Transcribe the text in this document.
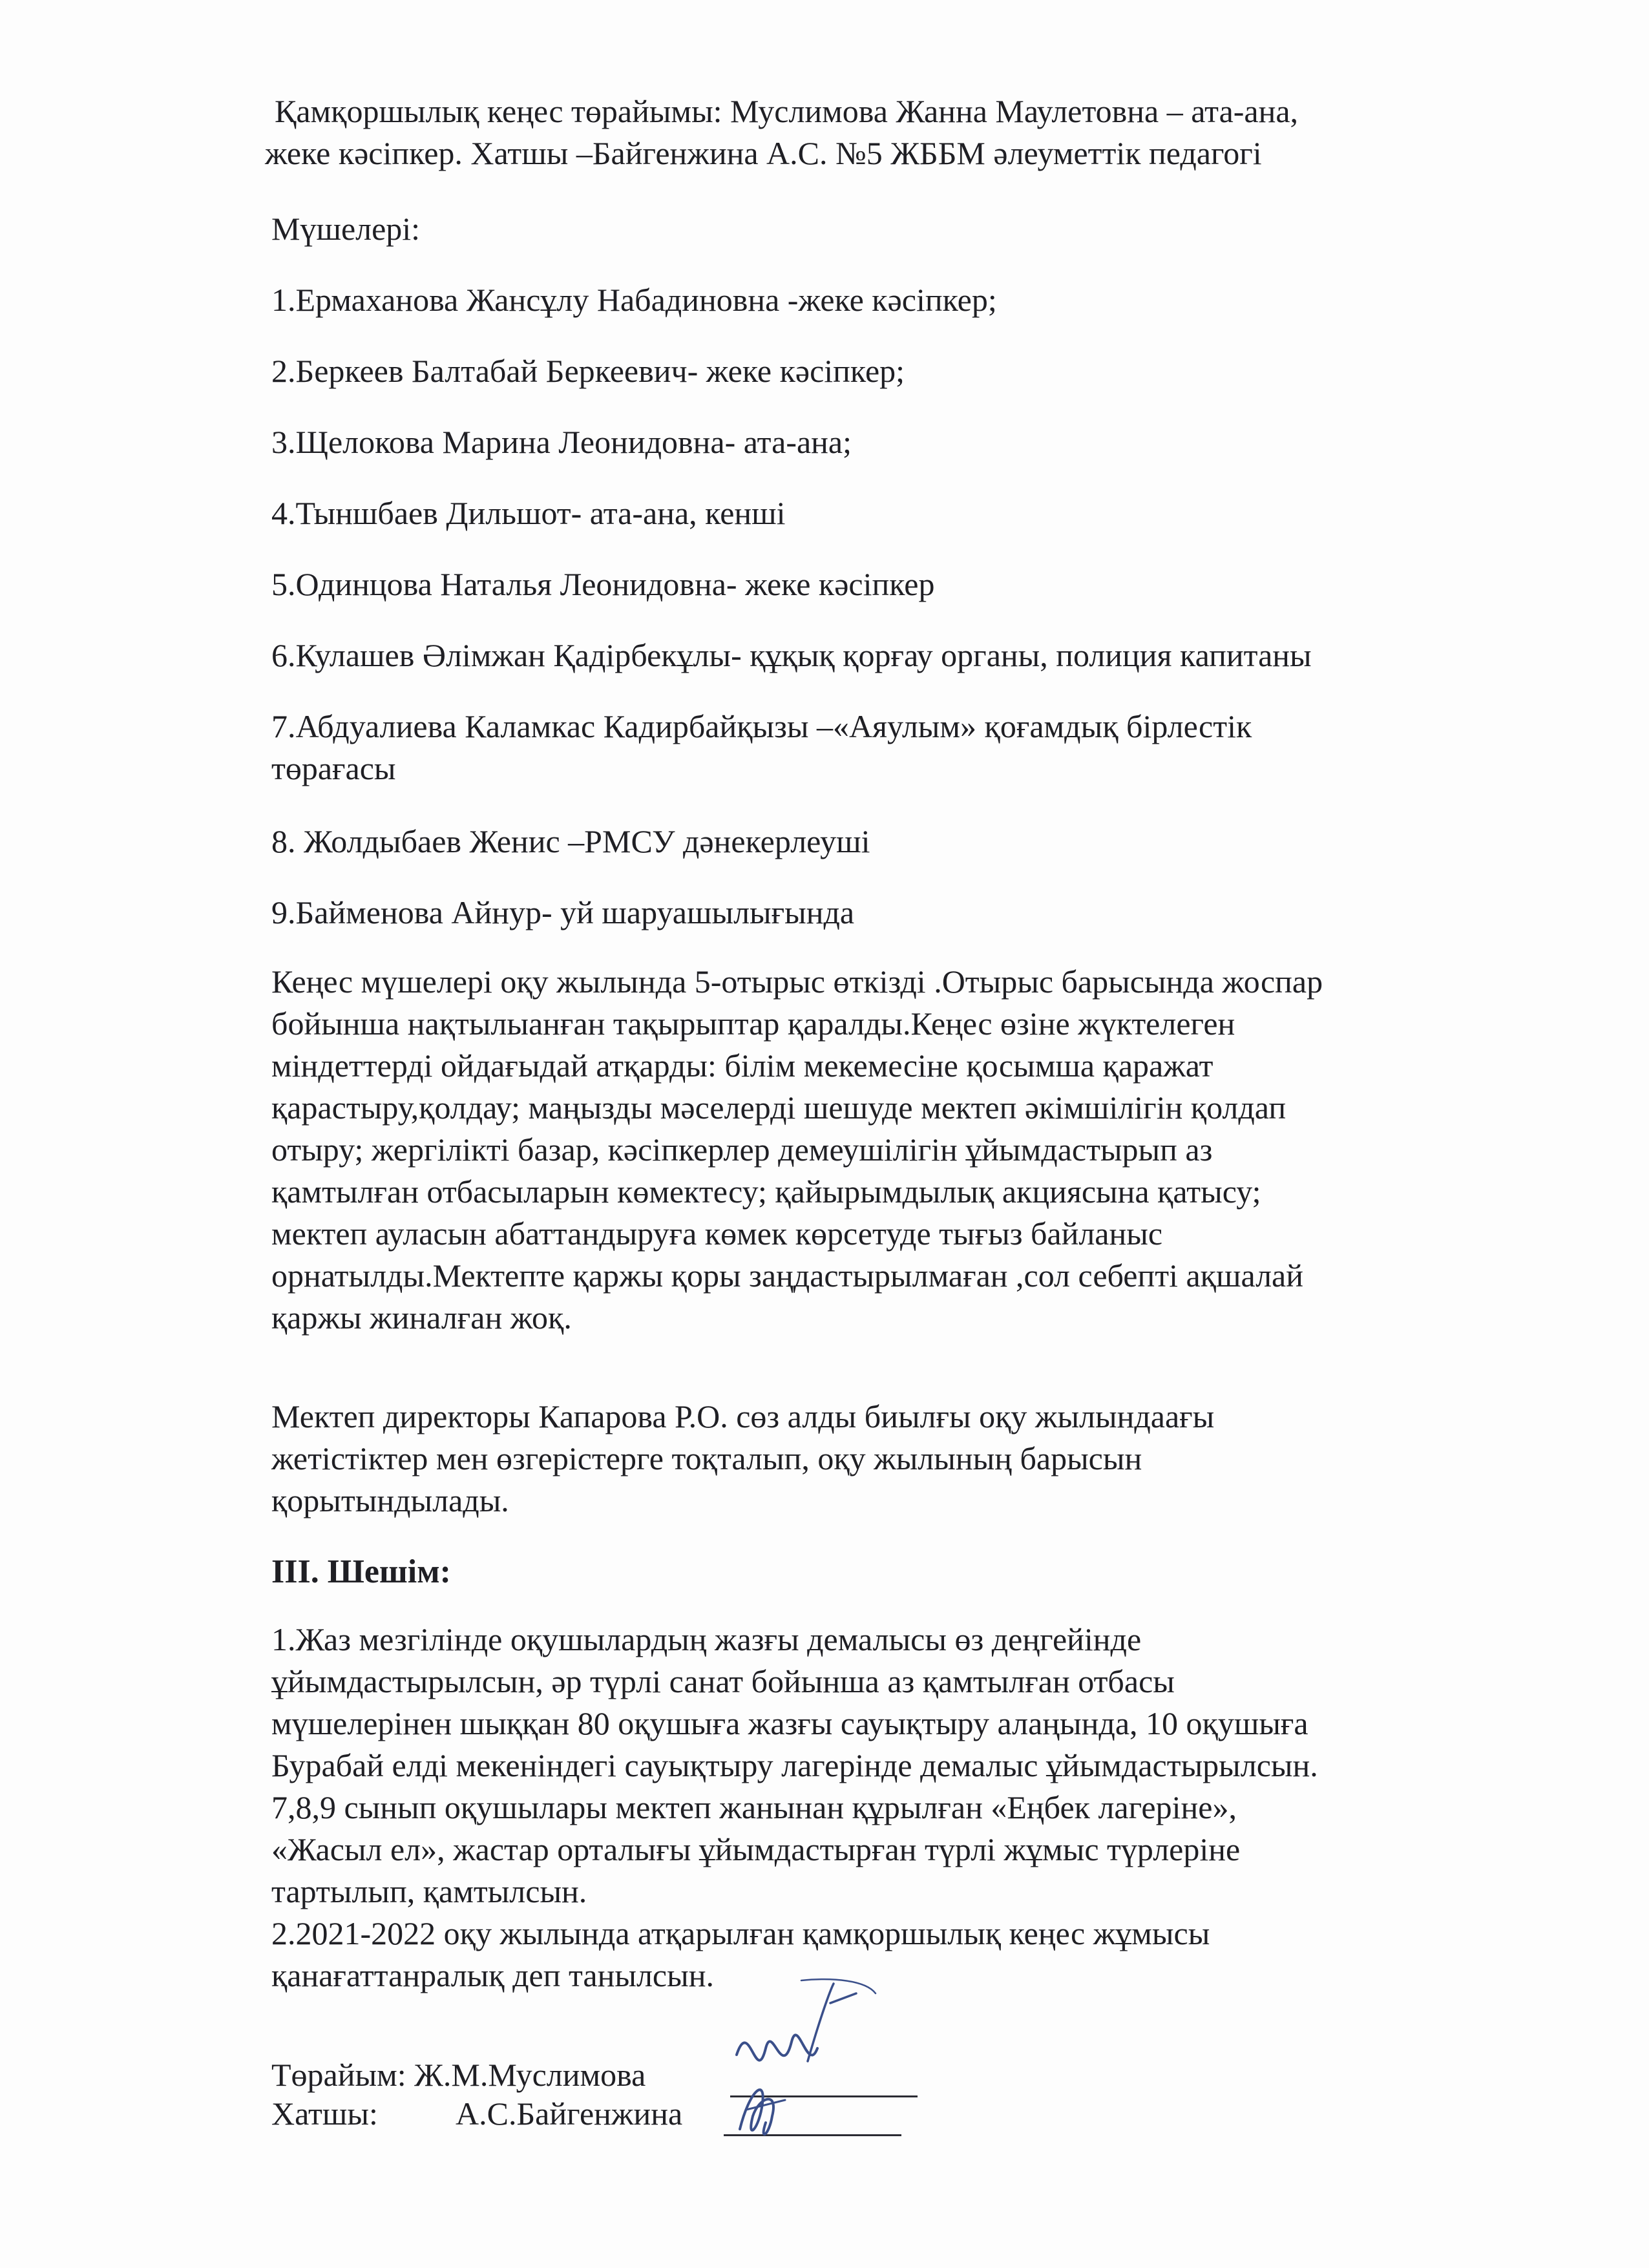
Қамқоршылық кеңес төрайымы: Муслимова Жанна Маулетовна – ата-ана,
жеке кәсіпкер. Хатшы –Байгенжина А.С. №5 ЖББМ әлеуметтік педагогі
Мүшелері:
1.Ермаханова Жансұлу Набадиновна -жеке кәсіпкер;
2.Беркеев Балтабай Беркеевич- жеке кәсіпкер;
3.Щелокова Марина Леонидовна- ата-ана;
4.Тыншбаев Дильшот- ата-ана, кенші
5.Одинцова Наталья Леонидовна- жеке кәсіпкер
6.Кулашев Әлімжан Қадірбекұлы- құқық қорғау органы, полиция капитаны
7.Абдуалиева Каламкас Кадирбайқызы –«Аяулым» қоғамдық бірлестік
төрағасы
8. Жолдыбаев Женис –РМСУ дәнекерлеуші
9.Байменова Айнур- уй шаруашылығында
Кеңес мүшелері оқу жылында 5-отырыс өткізді .Отырыс барысында жоспар
бойынша нақтылыанған тақырыптар қаралды.Кеңес өзіне жүктелеген
міндеттерді ойдағыдай атқарды: білім мекемесіне қосымша қаражат
қарастыру,қолдау; маңызды мәселерді шешуде мектеп әкімшілігін қолдап
отыру; жергілікті базар, кәсіпкерлер демеушілігін ұйымдастырып аз
қамтылған отбасыларын көмектесу; қайырымдылық акциясына қатысу;
мектеп ауласын абаттандыруға көмек көрсетуде тығыз байланыс
орнатылды.Мектепте қаржы қоры заңдастырылмаған ,сол себепті ақшалай
қаржы жиналған жоқ.
Мектеп директоры Капарова Р.О. сөз алды биылғы оқу жылындаағы
жетістіктер мен өзгерістерге тоқталып, оқу жылының барысын
қорытындылады.
ІІІ. Шешім:
1.Жаз мезгілінде оқушылардың жазғы демалысы өз деңгейінде
ұйымдастырылсын, әр түрлі санат бойынша аз қамтылған отбасы
мүшелерінен шыққан 80 оқушыға жазғы сауықтыру алаңында, 10 оқушыға
Бурабай елді мекеніндегі сауықтыру лагерінде демалыс ұйымдастырылсын.
7,8,9 сынып оқушылары мектеп жанынан құрылған «Еңбек лагеріне»,
«Жасыл ел», жастар орталығы ұйымдастырған түрлі жұмыс түрлеріне
тартылып, қамтылсын.
2.2021-2022 оқу жылында атқарылған қамқоршылық кеңес жұмысы
қанағаттанралық деп танылсын.
Төрайым: Ж.М.Муслимова
Хатшы: А.С.Байгенжина
